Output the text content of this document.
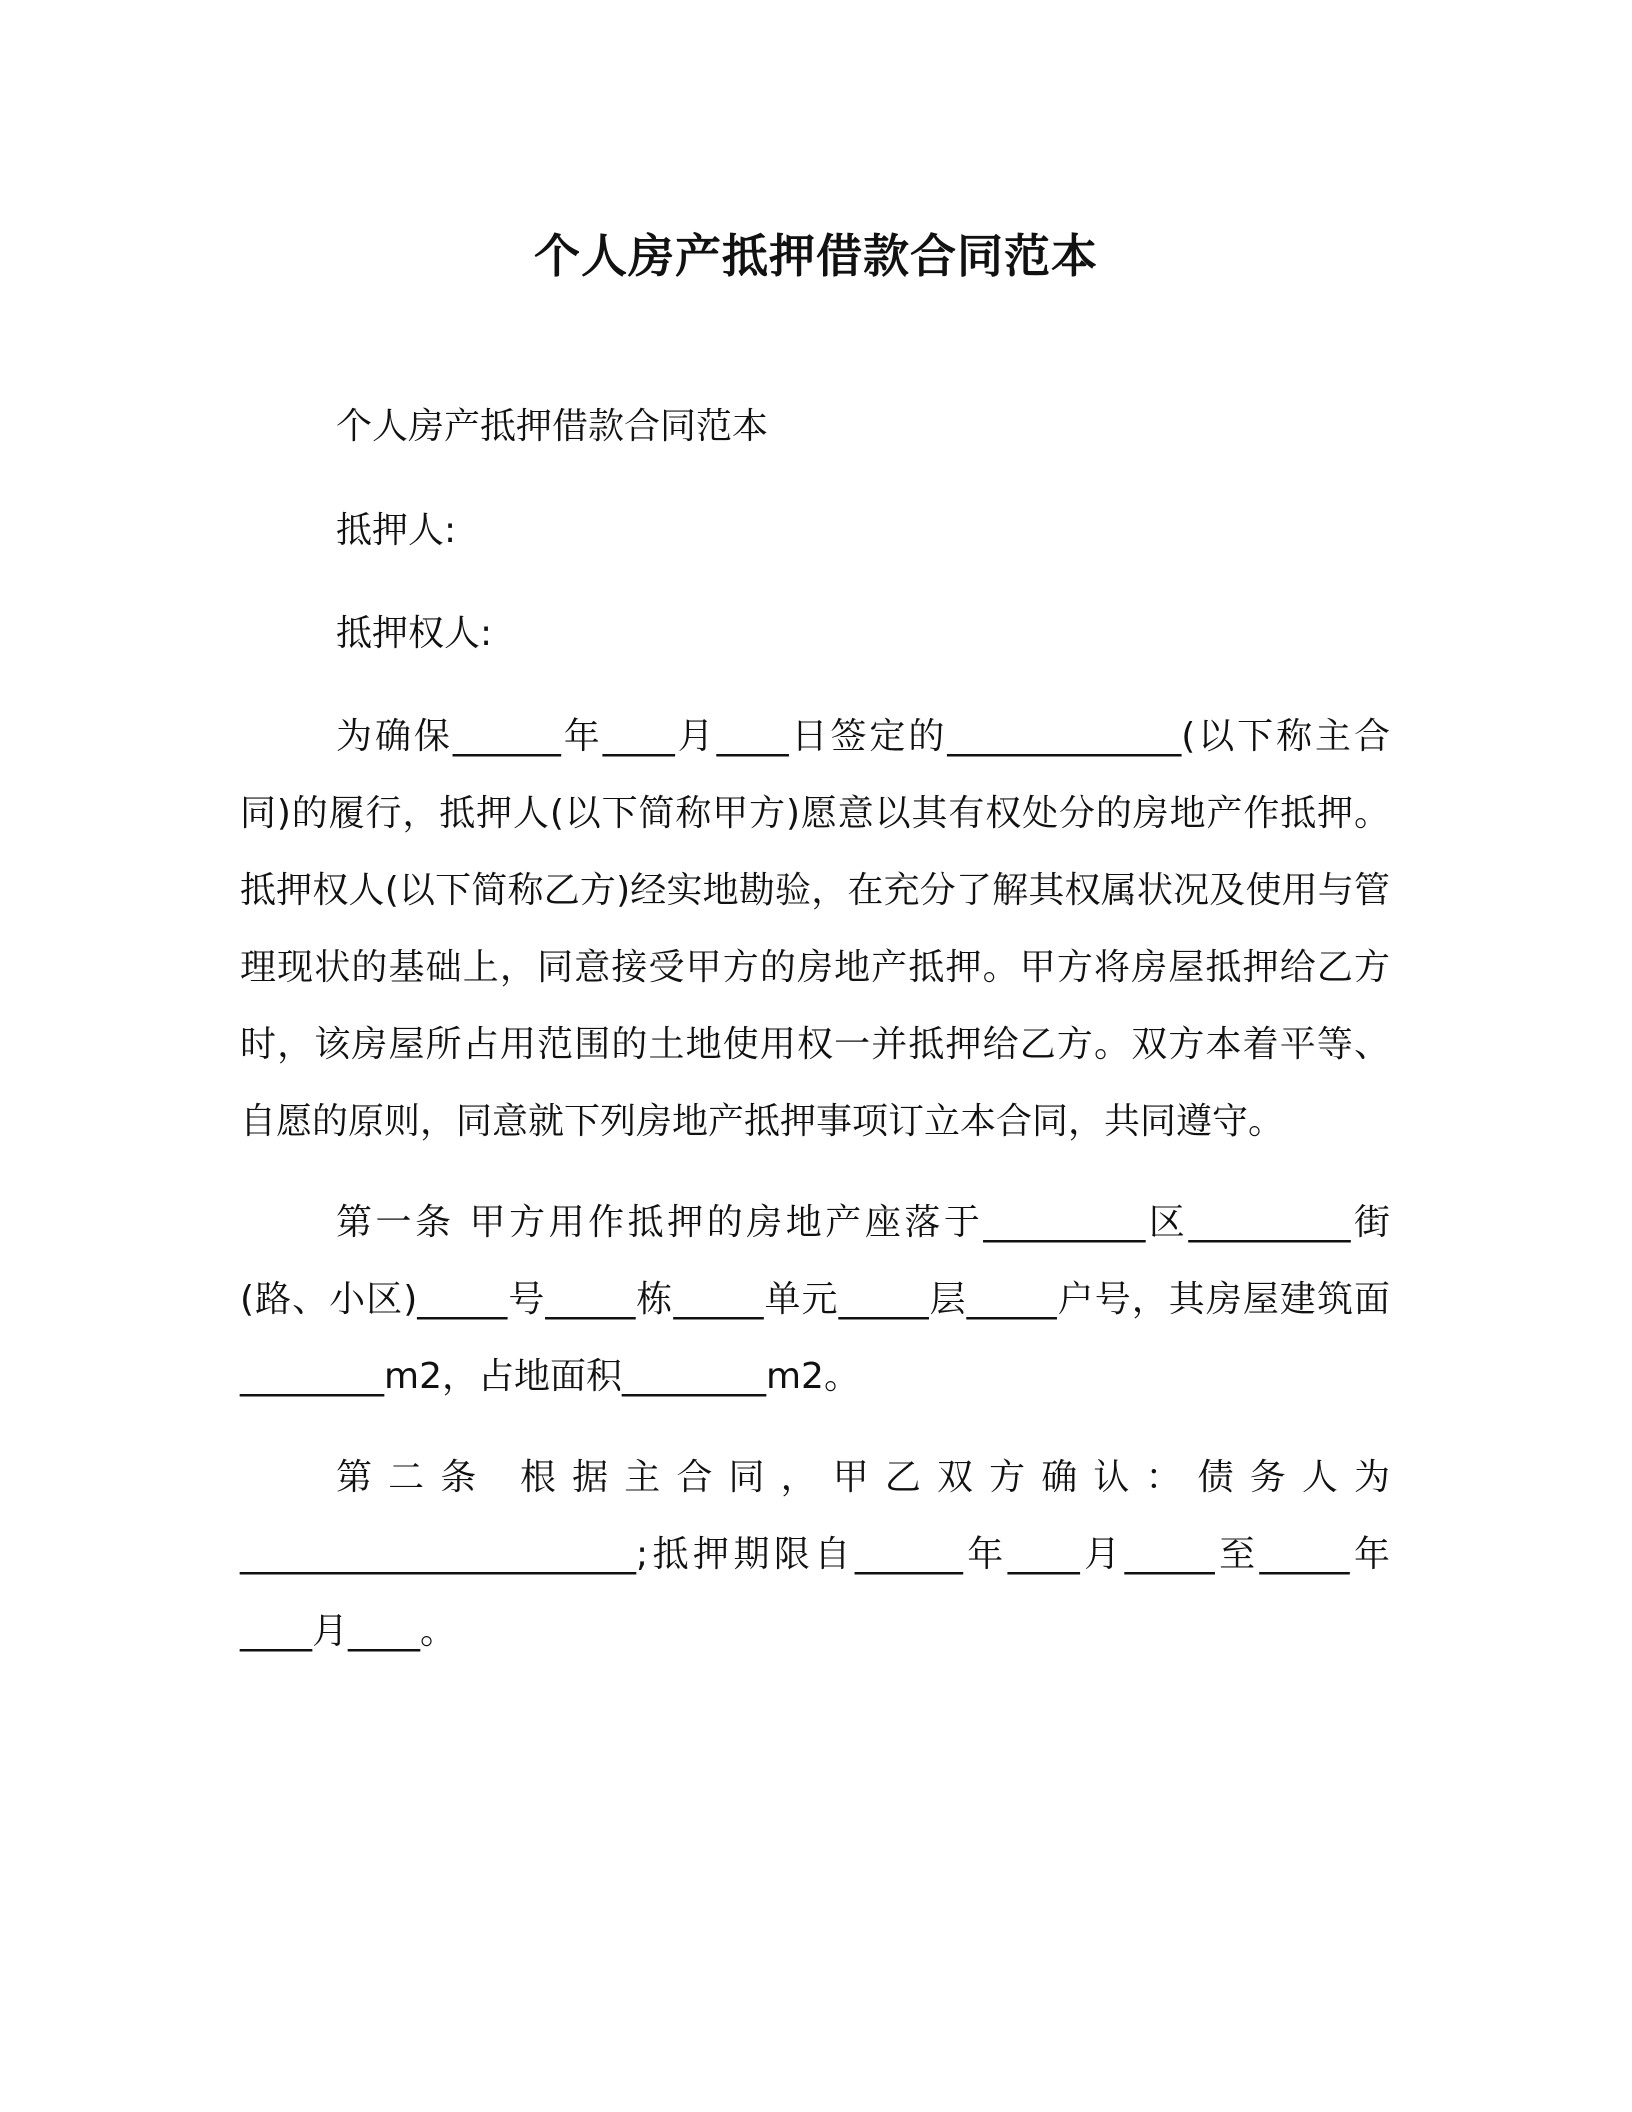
个人房产抵押借款合同范本

个人房产抵押借款合同范本

抵押人:

抵押权人:

为确保______年____月____日签定的_____________(以下称主合同)的履行，抵押人(以下简称甲方)愿意以其有权处分的房地产作抵押。抵押权人(以下简称乙方)经实地勘验，在充分了解其权属状况及使用与管理现状的基础上，同意接受甲方的房地产抵押。甲方将房屋抵押给乙方时，该房屋所占用范围的土地使用权一并抵押给乙方。双方本着平等、自愿的原则，同意就下列房地产抵押事项订立本合同，共同遵守。

第一条 甲方用作抵押的房地产座落于_________区_________街(路、小区)_____号_____栋_____单元_____层_____户号，其房屋建筑面________m2，占地面积________m2。

第二条 根据主合同，甲乙双方确认：债务人为______________________;抵押期限自______年____月_____至_____年____月____。
